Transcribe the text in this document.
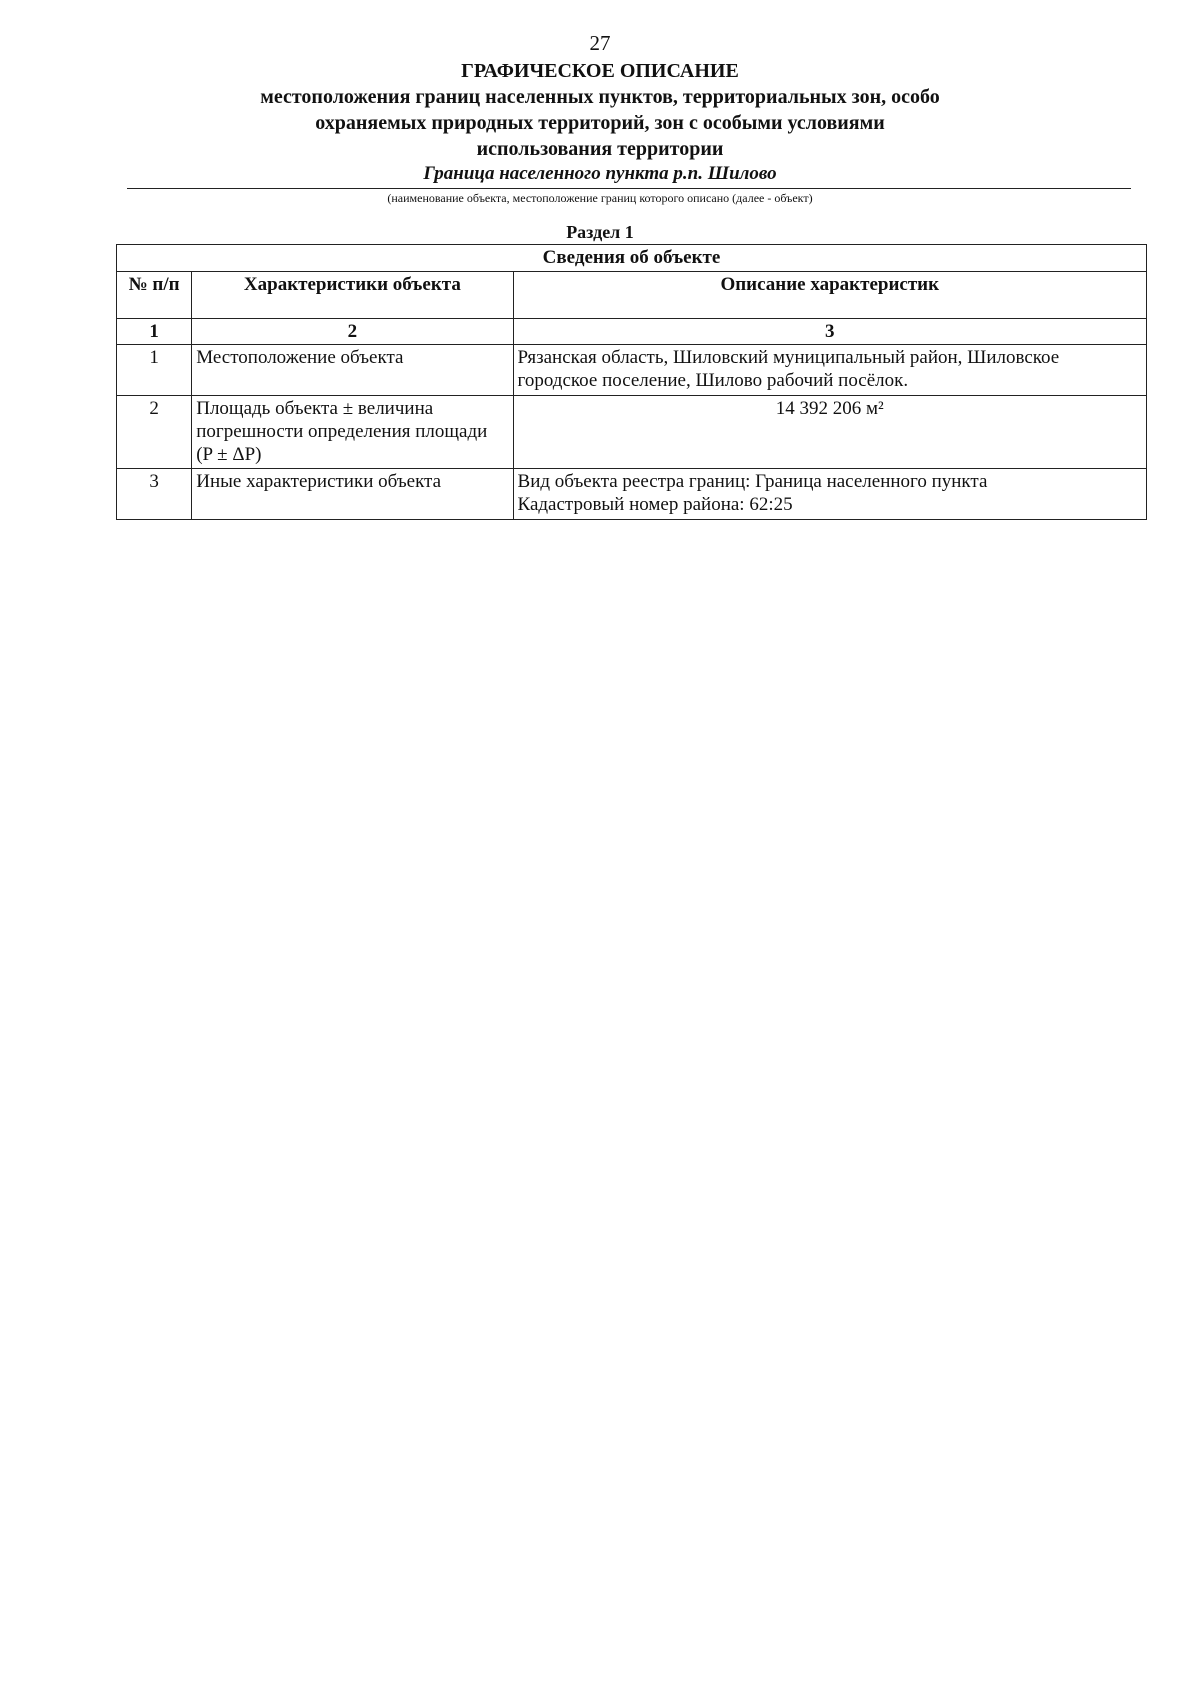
27
ГРАФИЧЕСКОЕ ОПИСАНИЕ
местоположения границ населенных пунктов, территориальных зон, особо охраняемых природных территорий, зон с особыми условиями использования территории
Граница населенного пункта р.п. Шилово
(наименование объекта, местоположение границ которого описано (далее - объект)
Раздел 1
Сведения об объекте		
№ п/п	Характеристики объекта	Описание характеристик
1	2	3
1	Местоположение объекта	Рязанская область, Шиловский муниципальный район, Шиловское городское поселение, Шилово рабочий посёлок.
2	Площадь объекта ± величина погрешности определения площади (P ± ΔP)	14 392 206 м²
3	Иные характеристики объекта	Вид объекта реестра границ: Граница населенного пункта
Кадастровый номер района: 62:25
